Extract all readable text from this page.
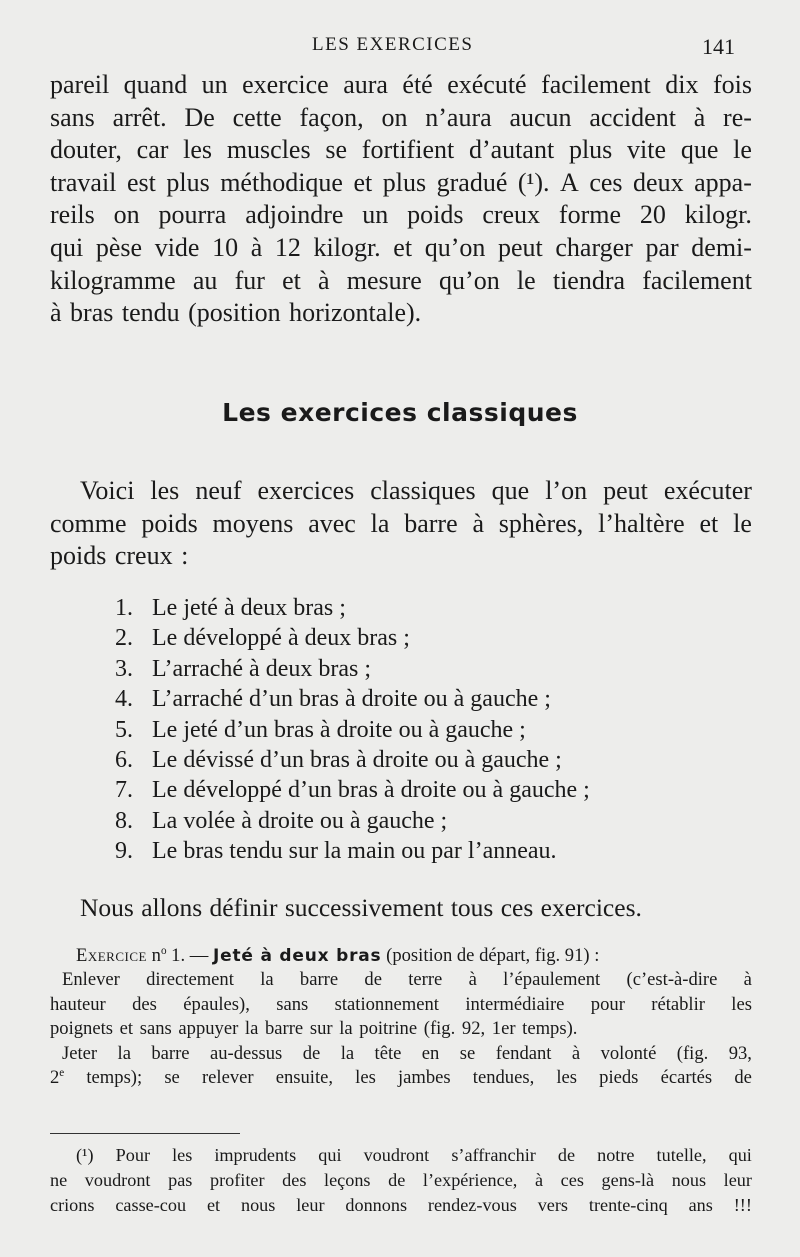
LES EXERCICES	141
pareil quand un exercice aura été exécuté facilement dix fois
sans arrêt. De cette façon, on n’aura aucun accident à re-
douter, car les muscles se fortifient d’autant plus vite que le
travail est plus méthodique et plus gradué (¹). A ces deux appa-
reils on pourra adjoindre un poids creux forme 20 kilogr.
qui pèse vide 10 à 12 kilogr. et qu’on peut charger par demi-
kilogramme au fur et à mesure qu’on le tiendra facilement
à bras tendu (position horizontale).
Les exercices classiques
Voici les neuf exercices classiques que l’on peut exécuter
comme poids moyens avec la barre à sphères, l’haltère et le
poids creux :
1. Le jeté à deux bras ;
2. Le développé à deux bras ;
3. L’arraché à deux bras ;
4. L’arraché d’un bras à droite ou à gauche ;
5. Le jeté d’un bras à droite ou à gauche ;
6. Le dévissé d’un bras à droite ou à gauche ;
7. Le développé d’un bras à droite ou à gauche ;
8. La volée à droite ou à gauche ;
9. Le bras tendu sur la main ou par l’anneau.
Nous allons définir successivement tous ces exercices.
Exercice
$n^o$ 1.
—
Jeté à deux bras
(position de départ, fig. 91) :
Enlever directement la barre de terre à l’épaulement (c’est-à-dire à
hauteur des épaules), sans stationnement intermédiaire pour rétablir les
poignets et sans appuyer la barre sur la poitrine (fig. 92, 1er temps).
Jeter la barre au-dessus de la tête en se fendant à volonté (fig. 93,
2e temps); se relever ensuite, les jambes tendues, les pieds écartés de
(¹) Pour les imprudents qui voudront s’affranchir de notre tutelle, qui
ne voudront pas profiter des leçons de l’expérience, à ces gens-là nous leur
crions casse-cou et nous leur donnons rendez-vous vers trente-cinq ans !!!
